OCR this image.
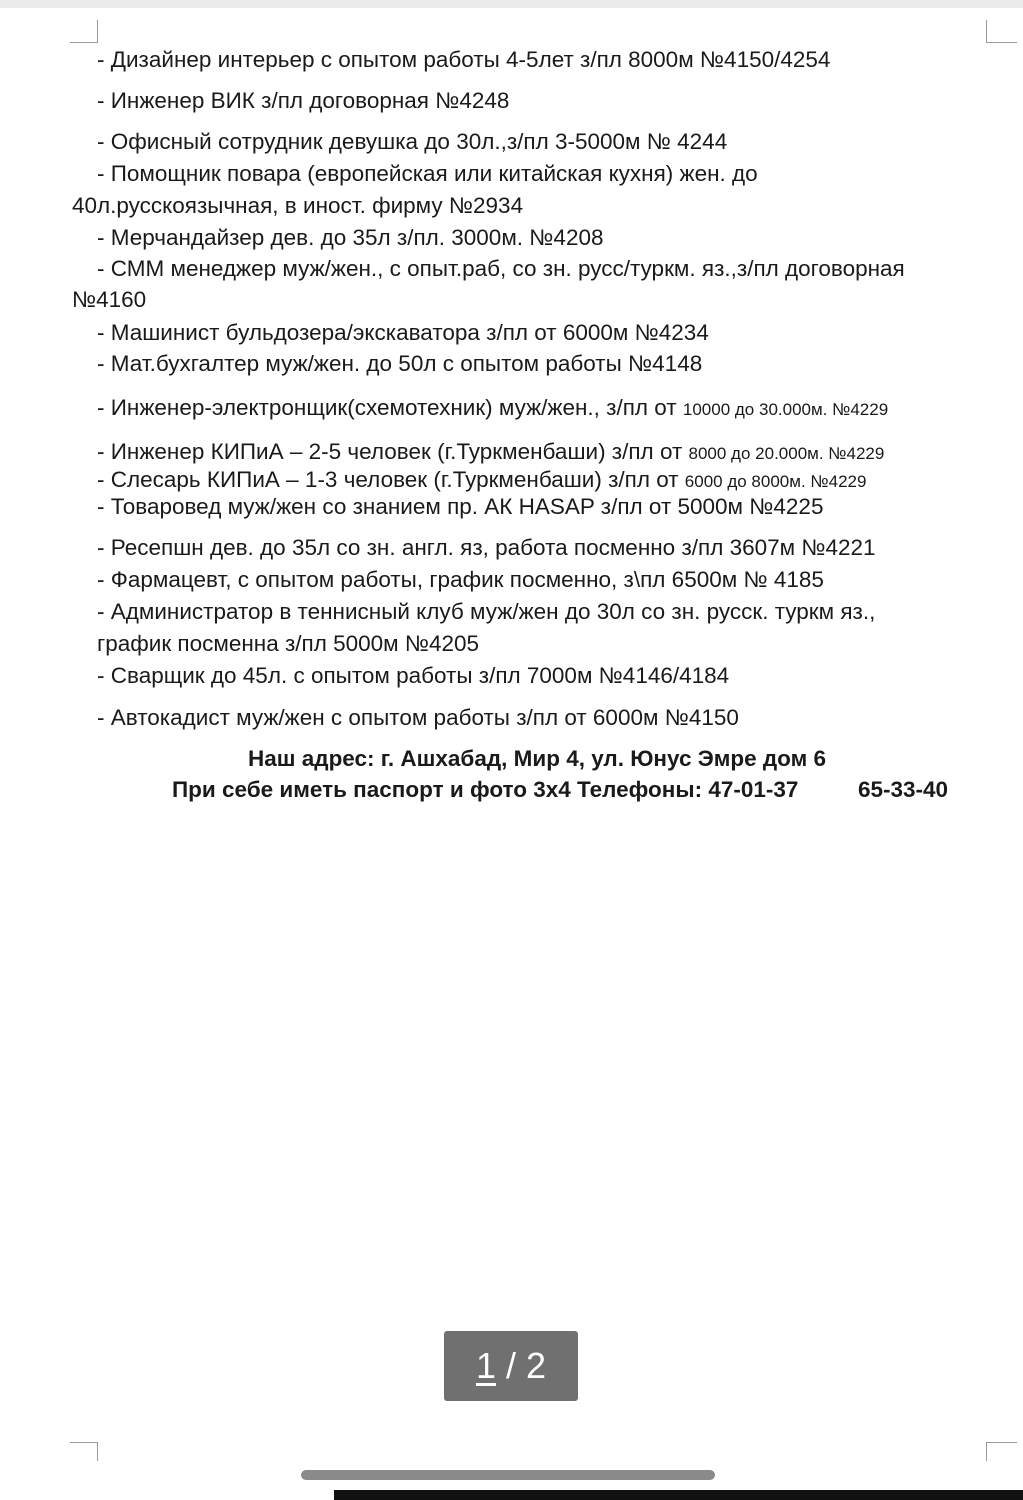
- Дизайнер интерьер с опытом работы 4-5лет з/пл 8000м №4150/4254
- Инженер ВИК з/пл договорная №4248
- Офисный сотрудник девушка до 30л.,з/пл 3-5000м № 4244
- Помощник повара (европейская или китайская кухня) жен. до
40л.русскоязычная, в иност. фирму №2934
- Мерчандайзер дев. до 35л з/пл. 3000м. №4208
- СММ менеджер муж/жен., с опыт.раб, со зн. русс/туркм. яз.,з/пл договорная
№4160
- Машинист бульдозера/экскаватора з/пл от 6000м №4234
- Мат.бухгалтер муж/жен. до 50л с опытом работы №4148
- Инженер-электронщик(схемотехник) муж/жен., з/пл от 10000 до 30.000м. №4229
- Инженер КИПиА – 2-5 человек (г.Туркменбаши) з/пл от 8000 до 20.000м. №4229
- Слесарь КИПиА – 1-3 человек (г.Туркменбаши) з/пл от 6000 до 8000м. №4229
- Товаровед муж/жен со знанием пр. АК HASAP з/пл от 5000м №4225
- Ресепшн дев. до 35л со зн. англ. яз, работа посменно з/пл 3607м №4221
- Фармацевт, с опытом работы, график посменно, з\пл 6500м № 4185
- Администратор в теннисный клуб муж/жен до 30л со зн. русск. туркм яз.,
график посменна з/пл 5000м №4205
- Сварщик до 45л. с опытом работы з/пл 7000м №4146/4184
- Автокадист муж/жен с опытом работы з/пл от 6000м №4150
Наш адрес: г. Ашхабад, Мир 4, ул. Юнус Эмре дом 6
При себе иметь паспорт и фото 3х4 Телефоны: 47-01-37	65-33-40
1 / 2
